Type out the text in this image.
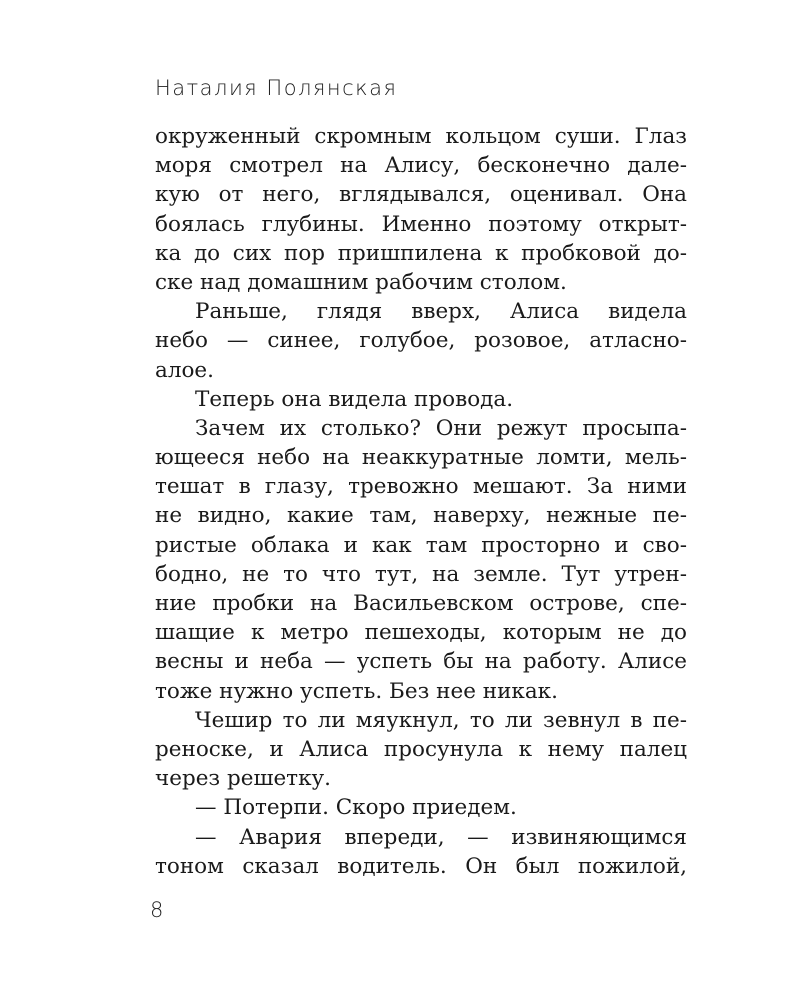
Наталия Полянская
окруженный скромным кольцом суши. Глаз
моря смотрел на Алису, бесконечно дале-
кую от него, вглядывался, оценивал. Она
боялась глубины. Именно поэтому открыт-
ка до сих пор пришпилена к пробковой до-
ске над домашним рабочим столом.
Раньше, глядя вверх, Алиса видела
небо — синее, голубое, розовое, атласно-
алое.
Теперь она видела провода.
Зачем их столько? Они режут просыпа-
ющееся небо на неаккуратные ломти, мель-
тешат в глазу, тревожно мешают. За ними
не видно, какие там, наверху, нежные пе-
ристые облака и как там просторно и сво-
бодно, не то что тут, на земле. Тут утрен-
ние пробки на Васильевском острове, спе-
шащие к метро пешеходы, которым не до
весны и неба — успеть бы на работу. Алисе
тоже нужно успеть. Без нее никак.
Чешир то ли мяукнул, то ли зевнул в пе-
реноске, и Алиса просунула к нему палец
через решетку.
— Потерпи. Скоро приедем.
— Авария впереди, — извиняющимся
тоном сказал водитель. Он был пожилой,
8
